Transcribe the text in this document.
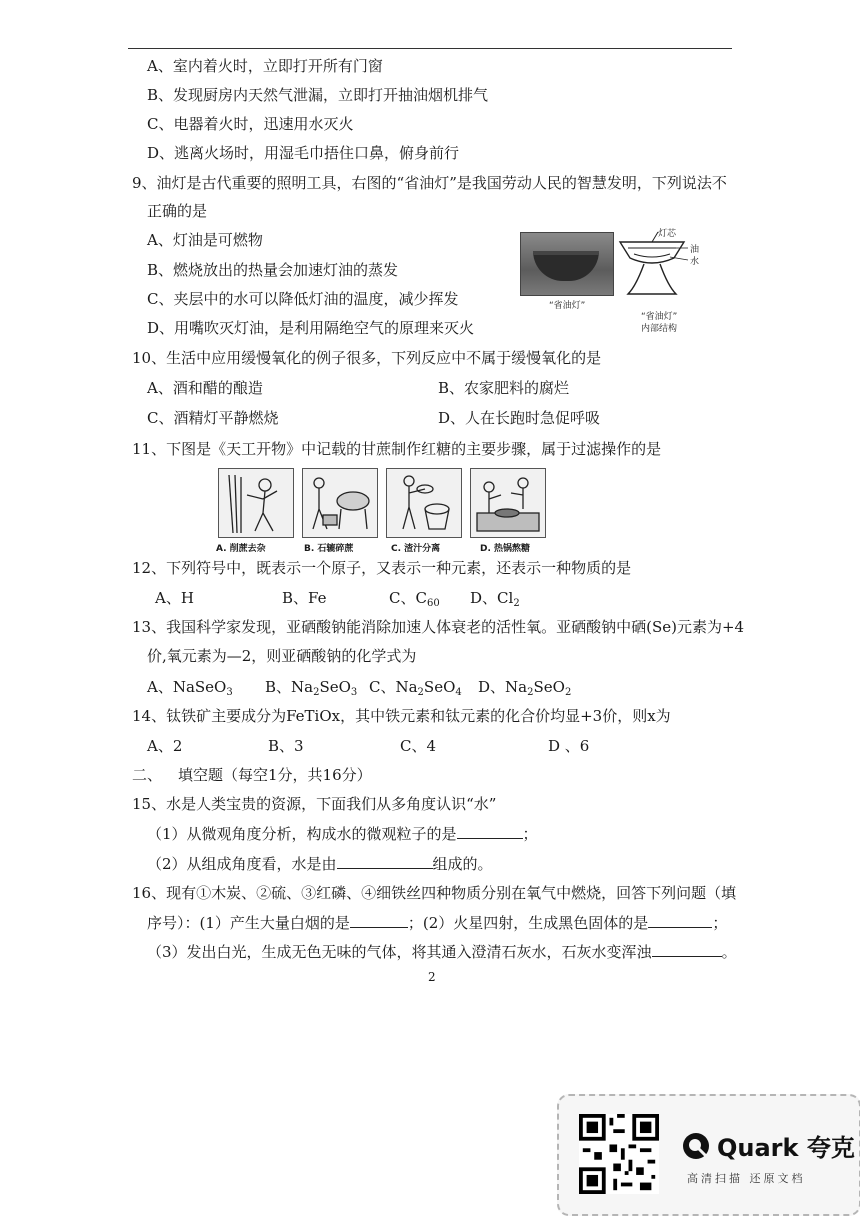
A、室内着火时，立即打开所有门窗
B、发现厨房内天然气泄漏，立即打开抽油烟机排气
C、电器着火时，迅速用水灭火
D、逃离火场时，用湿毛巾捂住口鼻，俯身前行
9、油灯是古代重要的照明工具，右图的“省油灯”是我国劳动人民的智慧发明，下列说法不
正确的是
A、灯油是可燃物
B、燃烧放出的热量会加速灯油的蒸发
C、夹层中的水可以降低灯油的温度，减少挥发
D、用嘴吹灭灯油，是利用隔绝空气的原理来灭火
“省油灯”
灯芯
油
水
“省油灯”
内部结构
10、生活中应用缓慢氧化的例子很多，下列反应中不属于缓慢氧化的是
A、酒和醋的酿造	B、农家肥料的腐烂
C、酒精灯平静燃烧	D、人在长跑时急促呼吸
11、下图是《天工开物》中记载的甘蔗制作红糖的主要步骤，属于过滤操作的是
A. 削蔗去杂	B. 石辘碎蔗	C. 渣汁分离	D. 热锅熬糖
12、下列符号中，既表示一个原子，又表示一种元素，还表示一种物质的是
A、H	B、Fe	C、$C_{60}$ D、$Cl_2$
13、我国科学家发现，亚硒酸钠能消除加速人体衰老的活性氧。亚硒酸钠中硒(Se)元素为+4
价,氧元素为—2，则亚硒酸钠的化学式为
A、NaSeO$_3$ B、$Na_2SeO_3$ C、$Na_2SeO_4$ D、$Na_2SeO_2$
14、钛铁矿主要成分为FeTiOx，其中铁元素和钛元素的化合价均显+3价，则x为
A、2	B、3	C、4	D 、6
二、 填空题（每空1分，共16分）
15、水是人类宝贵的资源，下面我们从多角度认识“水”
（1）从微观角度分析，构成水的微观粒子的是	；
（2）从组成角度看，水是由	组成的。
16、现有①木炭、②硫、③红磷、④细铁丝四种物质分别在氧气中燃烧，回答下列问题（填
序号）：(1）产生大量白烟的是	；(2）火星四射，生成黑色固体的是	；
（3）发出白光，生成无色无味的气体，将其通入澄清石灰水，石灰水变浑浊	。
2
Quark 夸克
高清扫描 还原文档
